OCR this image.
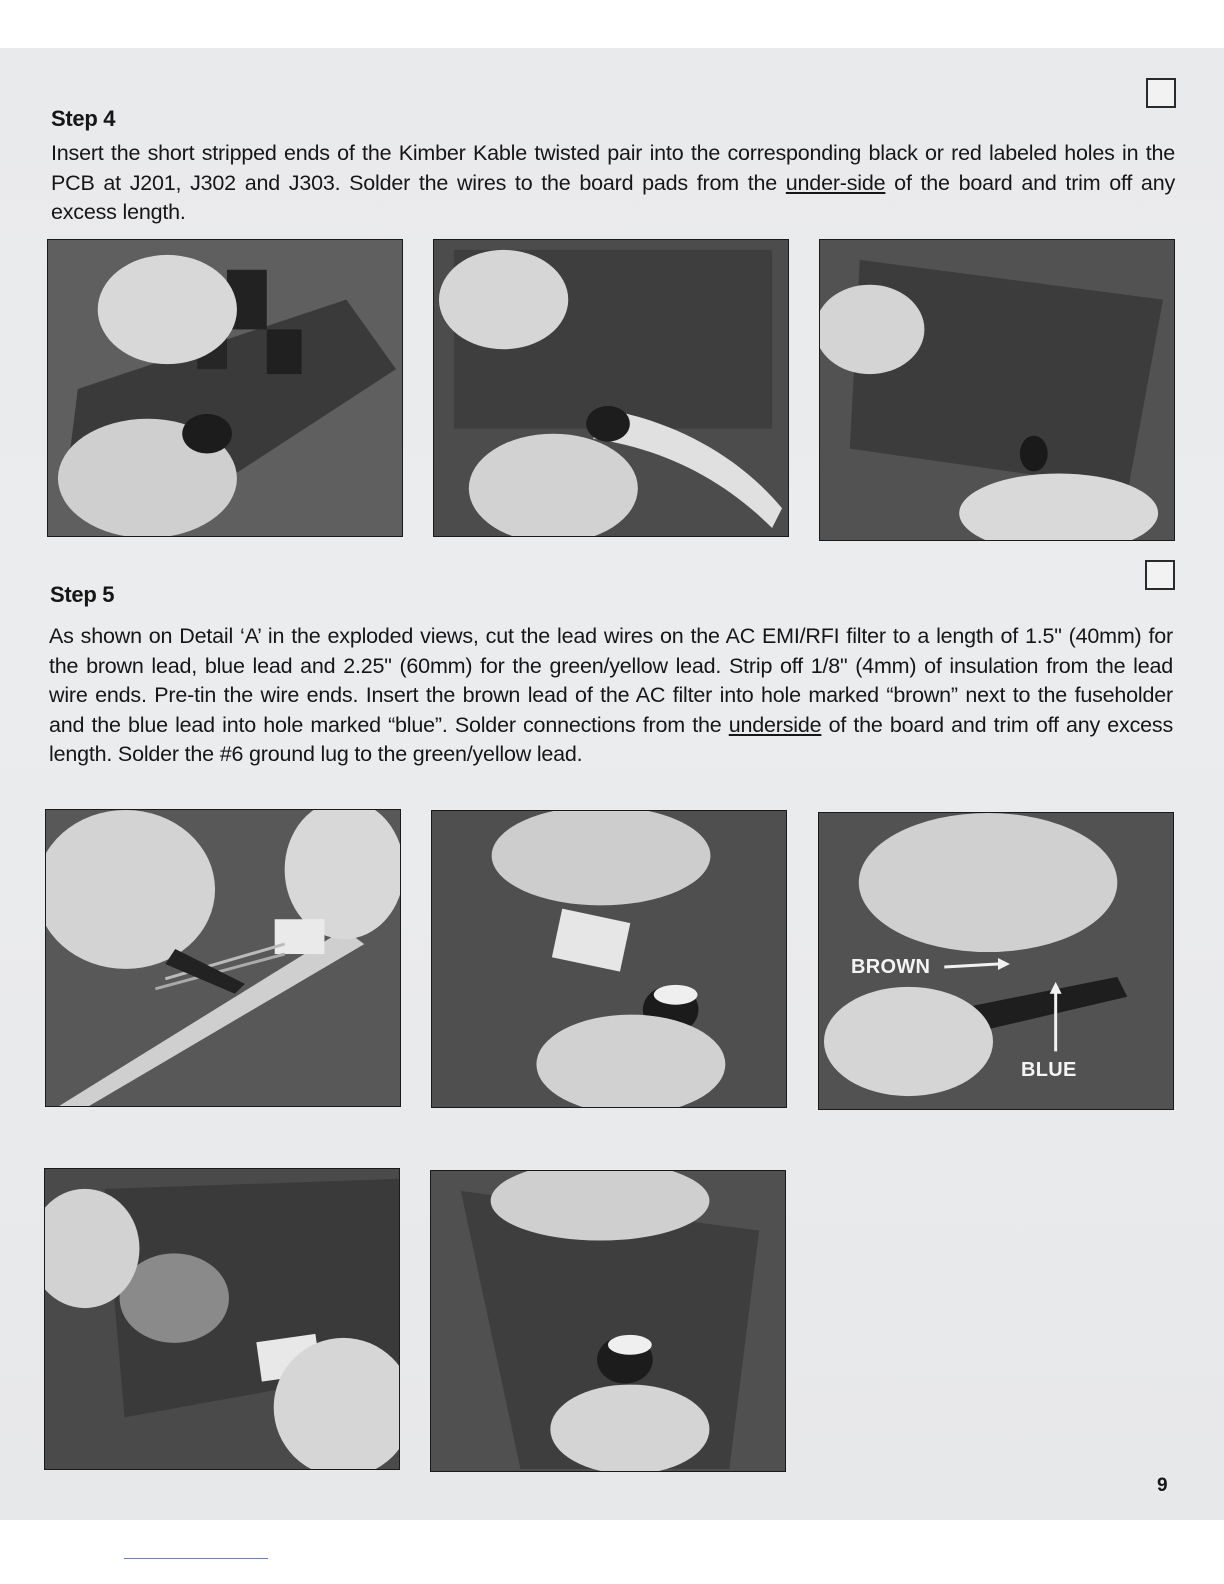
Step 4
Insert the short stripped ends of the Kimber Kable twisted pair into the corresponding black or red labeled holes in the PCB at J201, J302 and J303. Solder the wires to the board pads from the under-side of the board and trim off any excess length.
Step 5
As shown on Detail ‘A’ in the exploded views, cut the lead wires on the AC EMI/RFI filter to a length of 1.5" (40mm) for the brown lead, blue lead and 2.25" (60mm) for the green/yellow lead. Strip off 1/8" (4mm) of insulation from the lead wire ends. Pre-tin the wire ends. Insert the brown lead of the AC filter into hole marked “brown” next to the fuseholder and the blue lead into hole marked “blue”. Solder connections from the underside of the board and trim off any excess length. Solder the #6 ground lug to the green/yellow lead.
BROWN
BLUE
9
